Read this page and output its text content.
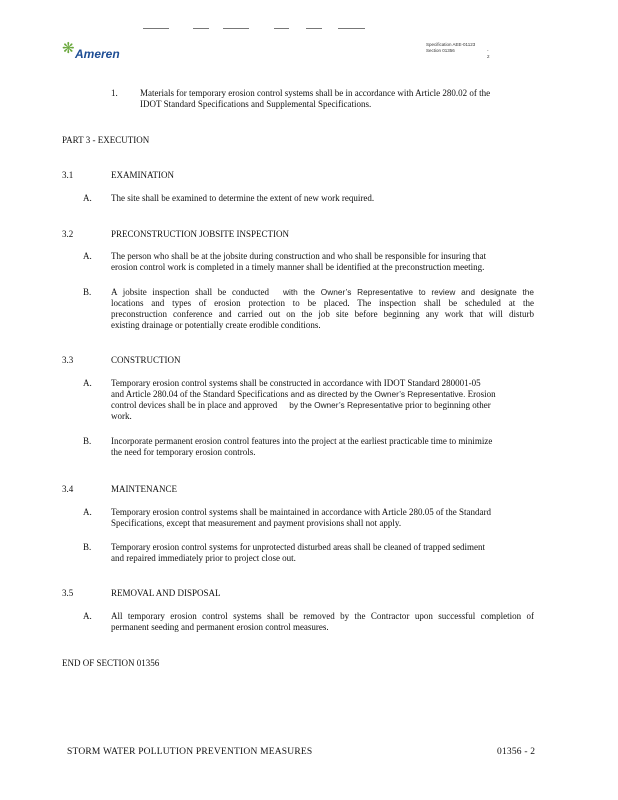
❋ Ameren
Specification AEE-01123
Section 01356	- 2
1. Materials for temporary erosion control systems shall be in accordance with Article 280.02 of the
IDOT Standard Specifications and Supplemental Specifications.
PART 3 - EXECUTION
3.1	EXAMINATION
A. The site shall be examined to determine the extent of new work required.
3.2	PRECONSTRUCTION JOBSITE INSPECTION
A. The person who shall be at the jobsite during construction and who shall be responsible for insuring that
erosion control work is completed in a timely manner shall be identified at the preconstruction meeting.
B. A jobsite inspection shall be conducted with the Owner’s Representative to review and designate the
locations and types of erosion protection to be placed. The inspection shall be scheduled at the
preconstruction conference and carried out on the job site before beginning any work that will disturb
existing drainage or potentially create erodible conditions.
3.3	CONSTRUCTION
A. Temporary erosion control systems shall be constructed in accordance with IDOT Standard 280001-05
and Article 280.04 of the Standard Specifications and as directed by the Owner’s Representative. Erosion
control devices shall be in place and approved by the Owner’s Representative prior to beginning other
work.
B. Incorporate permanent erosion control features into the project at the earliest practicable time to minimize
the need for temporary erosion controls.
3.4	MAINTENANCE
A. Temporary erosion control systems shall be maintained in accordance with Article 280.05 of the Standard
Specifications, except that measurement and payment provisions shall not apply.
B. Temporary erosion control systems for unprotected disturbed areas shall be cleaned of trapped sediment
and repaired immediately prior to project close out.
3.5	REMOVAL AND DISPOSAL
A. All temporary erosion control systems shall be removed by the Contractor upon successful completion of
permanent seeding and permanent erosion control measures.
END OF SECTION 01356
STORM WATER POLLUTION PREVENTION MEASURES	01356 - 2
